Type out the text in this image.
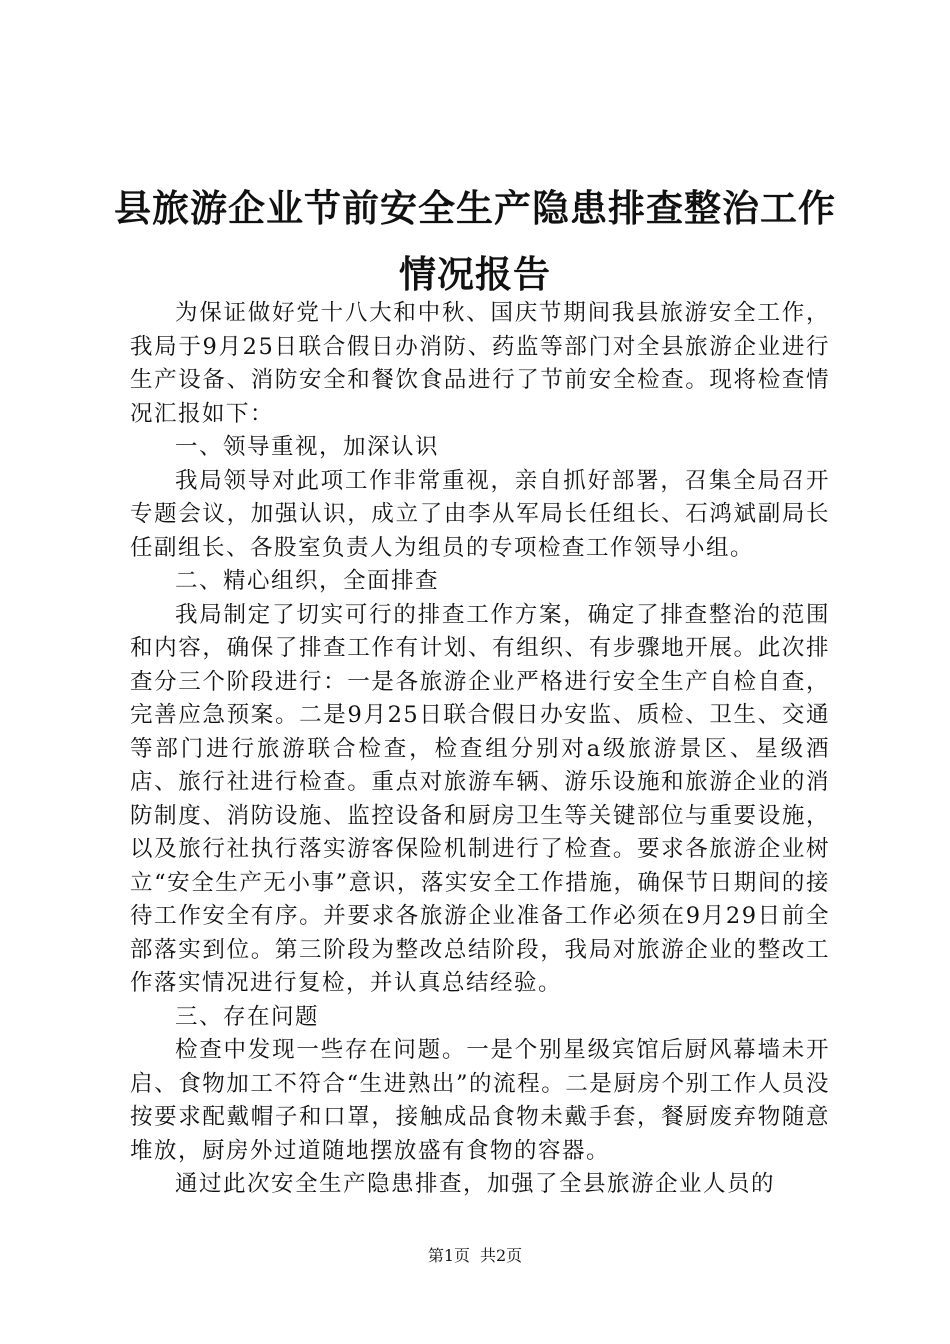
县旅游企业节前安全生产隐患排查整治工作情况报告

为保证做好党十八大和中秋、国庆节期间我县旅游安全工作，我局于9月25日联合假日办消防、药监等部门对全县旅游企业进行生产设备、消防安全和餐饮食品进行了节前安全检查。现将检查情况汇报如下：

一、领导重视，加深认识

我局领导对此项工作非常重视，亲自抓好部署，召集全局召开专题会议，加强认识，成立了由李从军局长任组长、石鸿斌副局长任副组长、各股室负责人为组员的专项检查工作领导小组。

二、精心组织，全面排查

我局制定了切实可行的排查工作方案，确定了排查整治的范围和内容，确保了排查工作有计划、有组织、有步骤地开展。此次排查分三个阶段进行：一是各旅游企业严格进行安全生产自检自查，完善应急预案。二是9月25日联合假日办安监、质检、卫生、交通等部门进行旅游联合检查，检查组分别对a级旅游景区、星级酒店、旅行社进行检查。重点对旅游车辆、游乐设施和旅游企业的消防制度、消防设施、监控设备和厨房卫生等关键部位与重要设施，以及旅行社执行落实游客保险机制进行了检查。要求各旅游企业树立“安全生产无小事”意识，落实安全工作措施，确保节日期间的接待工作安全有序。并要求各旅游企业准备工作必须在9月29日前全部落实到位。第三阶段为整改总结阶段，我局对旅游企业的整改工作落实情况进行复检，并认真总结经验。

三、存在问题

检查中发现一些存在问题。一是个别星级宾馆后厨风幕墙未开启、食物加工不符合“生进熟出”的流程。二是厨房个别工作人员没按要求配戴帽子和口罩，接触成品食物未戴手套，餐厨废弃物随意堆放，厨房外过道随地摆放盛有食物的容器。

通过此次安全生产隐患排查，加强了全县旅游企业人员的

第1页 共2页
